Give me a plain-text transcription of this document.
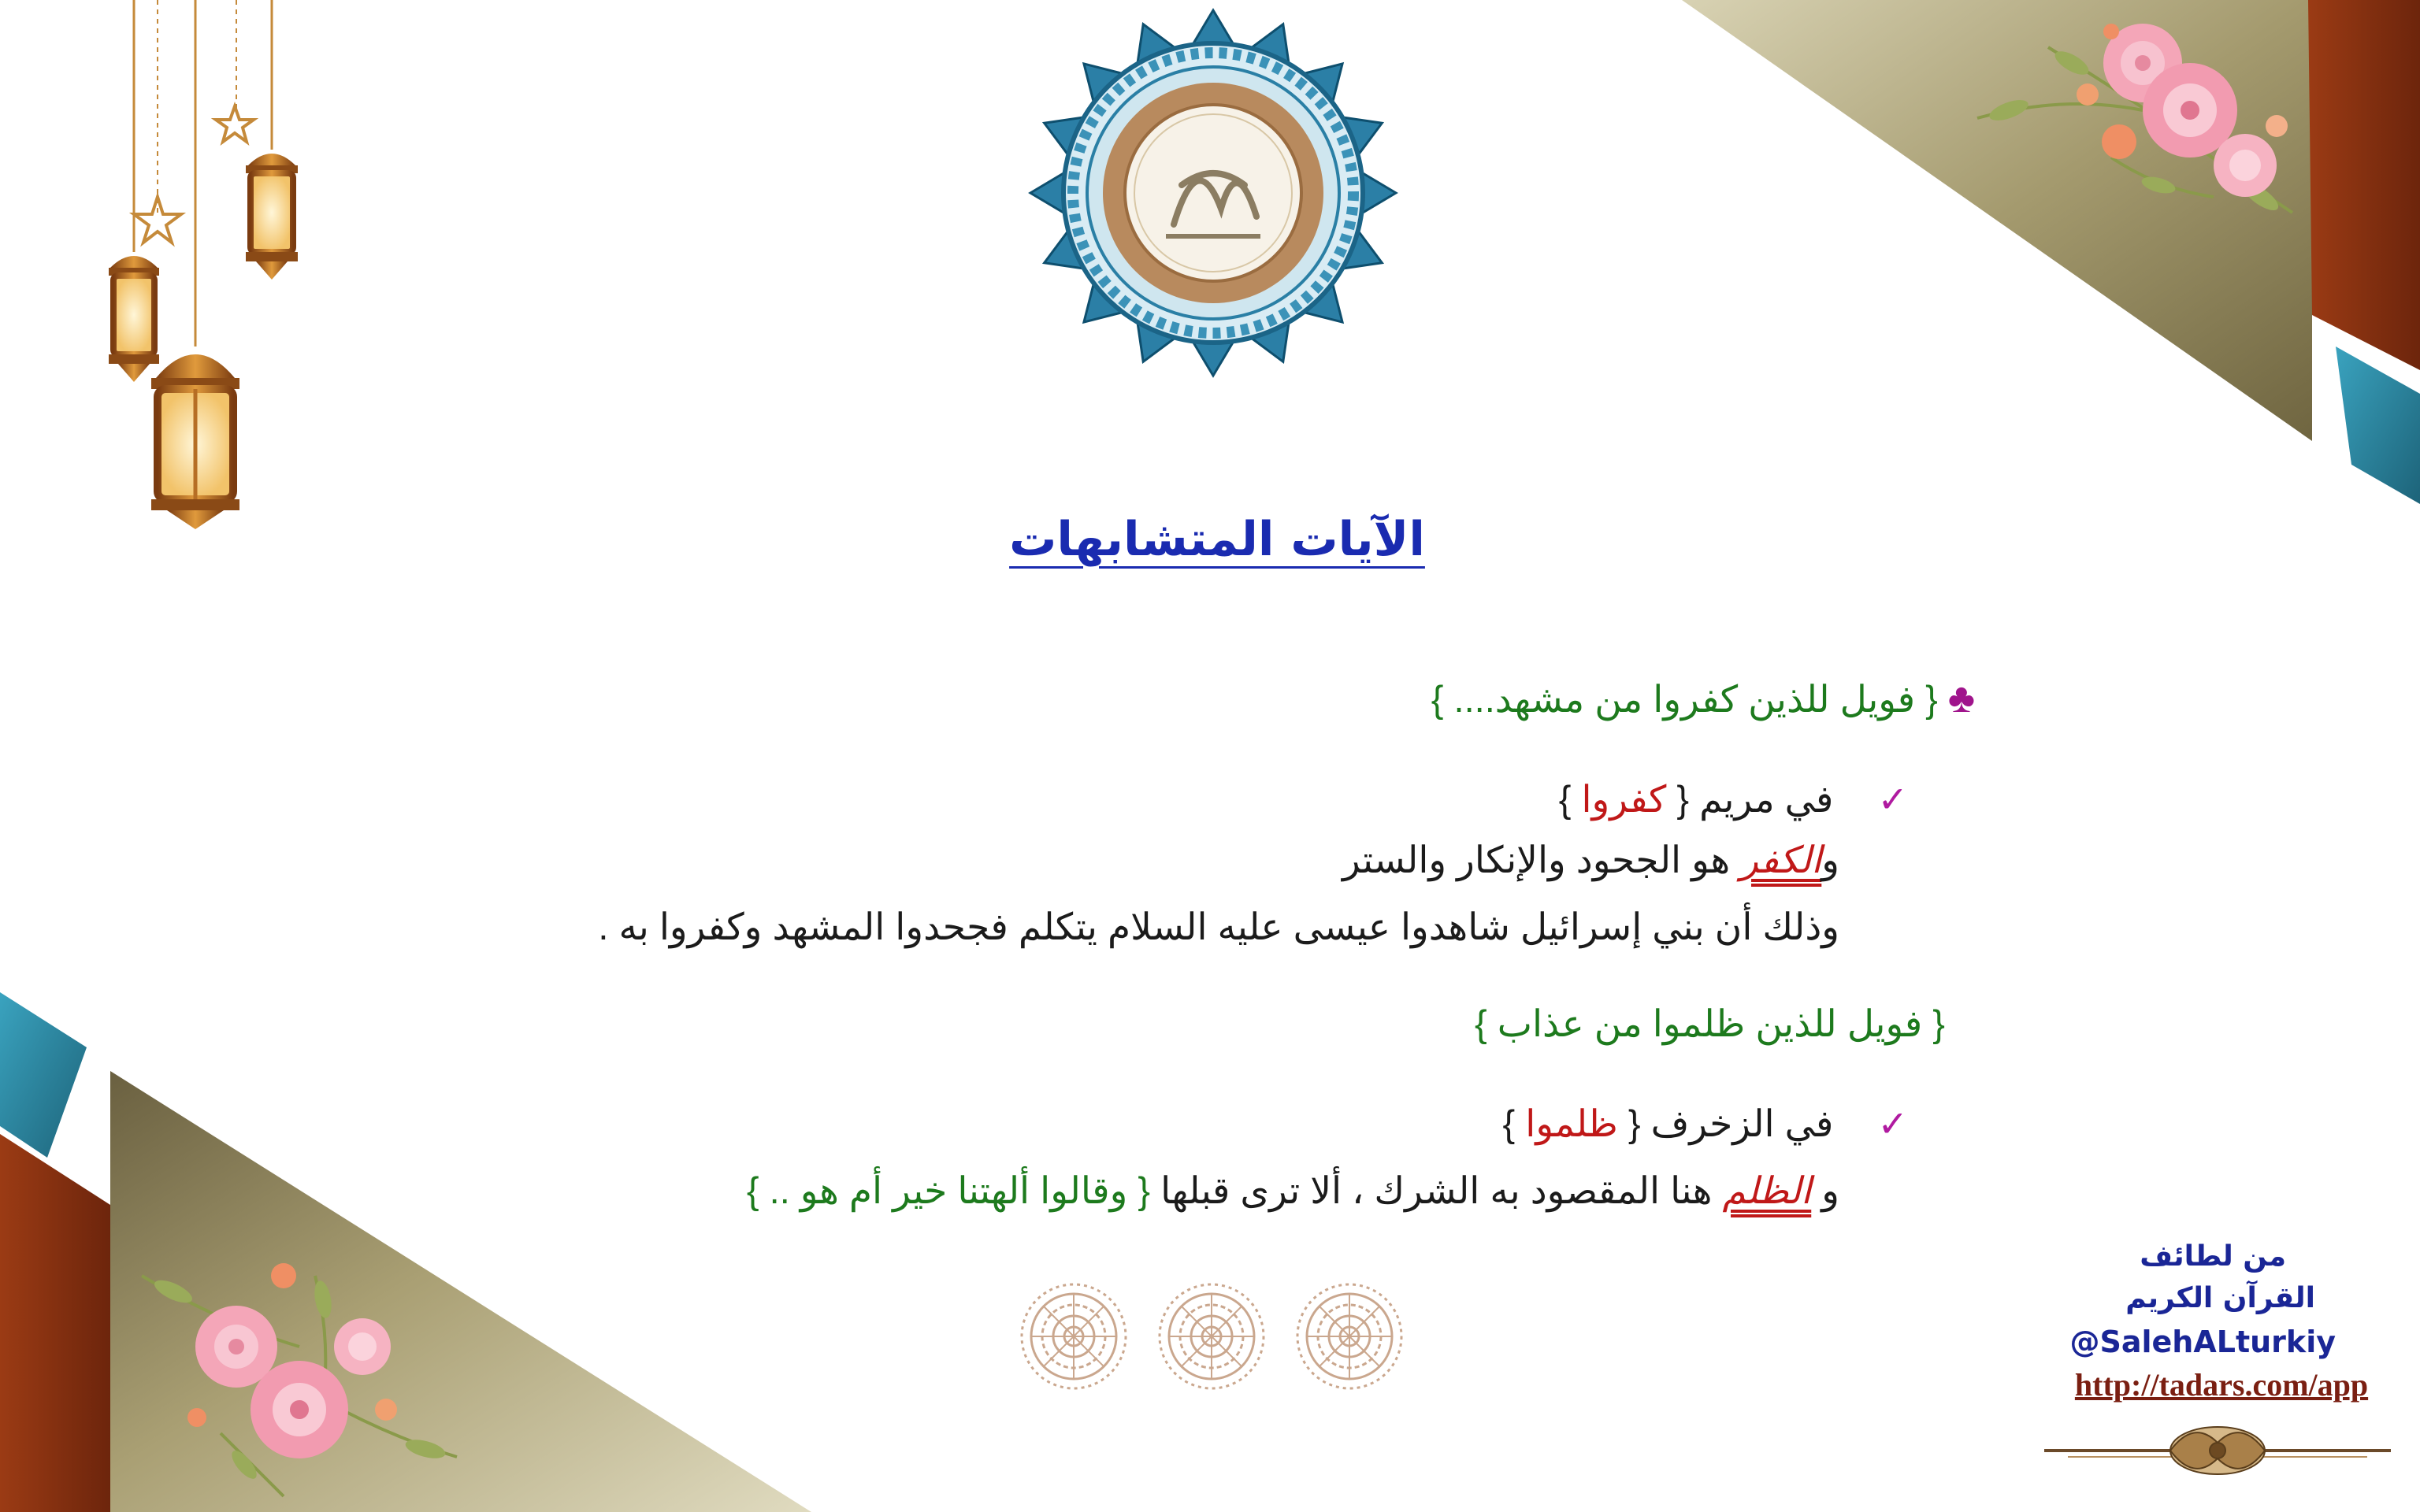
الآيات المتشابهات
♣ { فويل للذين كفروا من مشهد.... }
✓  في مريم { كفروا }
والكفر هو الجحود والإنكار والستر
وذلك أن بني إسرائيل شاهدوا عيسى عليه السلام يتكلم فجحدوا المشهد وكفروا به .
{ فويل للذين ظلموا من عذاب }
✓  في الزخرف { ظلموا }
و الظلم هنا المقصود به الشرك ، ألا ترى قبلها { وقالوا ألهتنا خير أم هو .. }
من لطائف
القرآن الكريم
@SalehALturkiy
http://tadars.com/app
